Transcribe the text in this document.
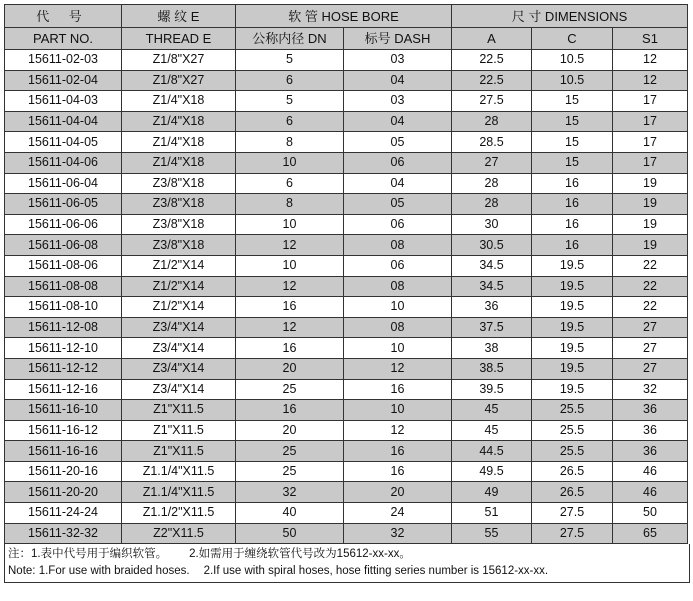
代 号	螺 纹 E	软 管 HOSE BORE		尺 寸 DIMENSIONS		
PART NO.	THREAD E	公称内径 DN	标号 DASH	A	C	S1
15611-02-03	Z1/8"X27	5	03	22.5	10.5	12
15611-02-04	Z1/8"X27	6	04	22.5	10.5	12
15611-04-03	Z1/4"X18	5	03	27.5	15	17
15611-04-04	Z1/4"X18	6	04	28	15	17
15611-04-05	Z1/4"X18	8	05	28.5	15	17
15611-04-06	Z1/4"X18	10	06	27	15	17
15611-06-04	Z3/8"X18	6	04	28	16	19
15611-06-05	Z3/8"X18	8	05	28	16	19
15611-06-06	Z3/8"X18	10	06	30	16	19
15611-06-08	Z3/8"X18	12	08	30.5	16	19
15611-08-06	Z1/2"X14	10	06	34.5	19.5	22
15611-08-08	Z1/2"X14	12	08	34.5	19.5	22
15611-08-10	Z1/2"X14	16	10	36	19.5	22
15611-12-08	Z3/4"X14	12	08	37.5	19.5	27
15611-12-10	Z3/4"X14	16	10	38	19.5	27
15611-12-12	Z3/4"X14	20	12	38.5	19.5	27
15611-12-16	Z3/4"X14	25	16	39.5	19.5	32
15611-16-10	Z1"X11.5	16	10	45	25.5	36
15611-16-12	Z1"X11.5	20	12	45	25.5	36
15611-16-16	Z1"X11.5	25	16	44.5	25.5	36
15611-20-16	Z1.1/4"X11.5	25	16	49.5	26.5	46
15611-20-20	Z1.1/4"X11.5	32	20	49	26.5	46
15611-24-24	Z1.1/2"X11.5	40	24	51	27.5	50
15611-32-32	Z2"X11.5	50	32	55	27.5	65
注：1.表中代号用于编织软管。 2.如需用于缠绕软管代号改为15612-xx-xx。
Note: 1.For use with braided hoses. 2.If use with spiral hoses, hose fitting series number is 15612-xx-xx.
